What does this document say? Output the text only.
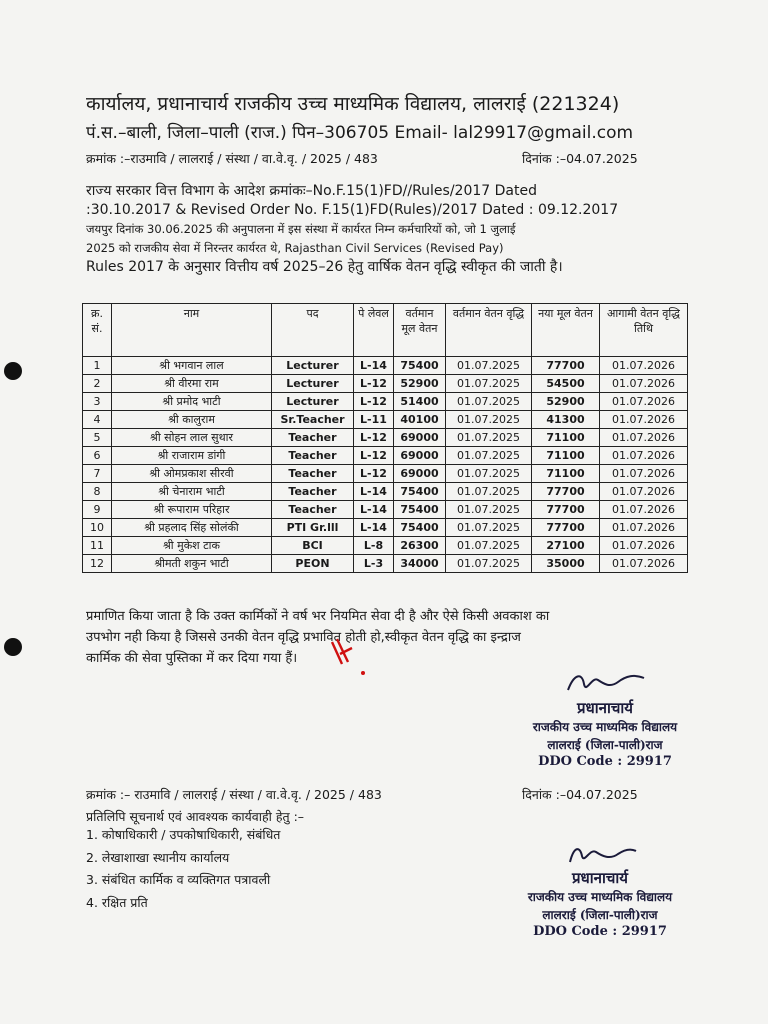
कार्यालय, प्रधानाचार्य राजकीय उच्च माध्यमिक विद्यालय, लालराई (221324)
पं.स.–बाली, जिला–पाली (राज.) पिन–306705 Email- lal29917@gmail.com
क्रमांक :–राउमावि / लालराई / संस्था / वा.वे.वृ. / 2025 / 483	दिनांक :–04.07.2025
राज्य सरकार वित्त विभाग के आदेश क्रमांकः–No.F.15(1)FD//Rules/2017 Dated
:30.10.2017 & Revised Order No. F.15(1)FD(Rules)/2017 Dated : 09.12.2017
जयपुर दिनांक 30.06.2025 की अनुपालना में इस संस्था में कार्यरत निम्न कर्मचारियों को, जो 1 जुलाई
2025 को राजकीय सेवा में निरन्तर कार्यरत थे, Rajasthan Civil Services (Revised Pay)
Rules 2017 के अनुसार वित्तीय वर्ष 2025–26 हेतु वार्षिक वेतन वृद्धि स्वीकृत की जाती है।
क्र. सं.	नाम	पद	पे लेवल	वर्तमान मूल वेतन	वर्तमान वेतन वृद्धि	नया मूल वेतन	आगामी वेतन वृद्धि तिथि
1	श्री भगवान लाल	Lecturer	L-14	75400	01.07.2025	77700	01.07.2026
2	श्री वीरमा राम	Lecturer	L-12	52900	01.07.2025	54500	01.07.2026
3	श्री प्रमोद भाटी	Lecturer	L-12	51400	01.07.2025	52900	01.07.2026
4	श्री कालुराम	Sr.Teacher	L-11	40100	01.07.2025	41300	01.07.2026
5	श्री सोहन लाल सुथार	Teacher	L-12	69000	01.07.2025	71100	01.07.2026
6	श्री राजाराम डांगी	Teacher	L-12	69000	01.07.2025	71100	01.07.2026
7	श्री ओमप्रकाश सीरवी	Teacher	L-12	69000	01.07.2025	71100	01.07.2026
8	श्री चेनाराम भाटी	Teacher	L-14	75400	01.07.2025	77700	01.07.2026
9	श्री रूपाराम परिहार	Teacher	L-14	75400	01.07.2025	77700	01.07.2026
10	श्री प्रहलाद सिंह सोलंकी	PTI Gr.lll	L-14	75400	01.07.2025	77700	01.07.2026
11	श्री मुकेश टाक	BCI	L-8	26300	01.07.2025	27100	01.07.2026
12	श्रीमती शकुन भाटी	PEON	L-3	34000	01.07.2025	35000	01.07.2026
प्रमाणित किया जाता है कि उक्त कार्मिकों ने वर्ष भर नियमित सेवा दी है और ऐसे किसी अवकाश का
उपभोग नही किया है जिससे उनकी वेतन वृद्धि प्रभावित होती हो,स्वीकृत वेतन वृद्धि का इन्द्राज
कार्मिक की सेवा पुस्तिका में कर दिया गया हैं।
प्रधानाचार्य
राजकीय उच्च माध्यमिक विद्यालय
लालराई (जिला-पाली)राज
DDO Code : 29917
क्रमांक :– राउमावि / लालराई / संस्था / वा.वे.वृ. / 2025 / 483	दिनांक :–04.07.2025
प्रतिलिपि सूचनार्थ एवं आवश्यक कार्यवाही हेतु :–
1. कोषाधिकारी / उपकोषाधिकारी, संबंधित
2. लेखाशाखा स्थानीय कार्यालय
3. संबंधित कार्मिक व व्यक्तिगत पत्रावली
4. रक्षित प्रति
प्रधानाचार्य
राजकीय उच्च माध्यमिक विद्यालय
लालराई (जिला-पाली)राज
DDO Code : 29917
